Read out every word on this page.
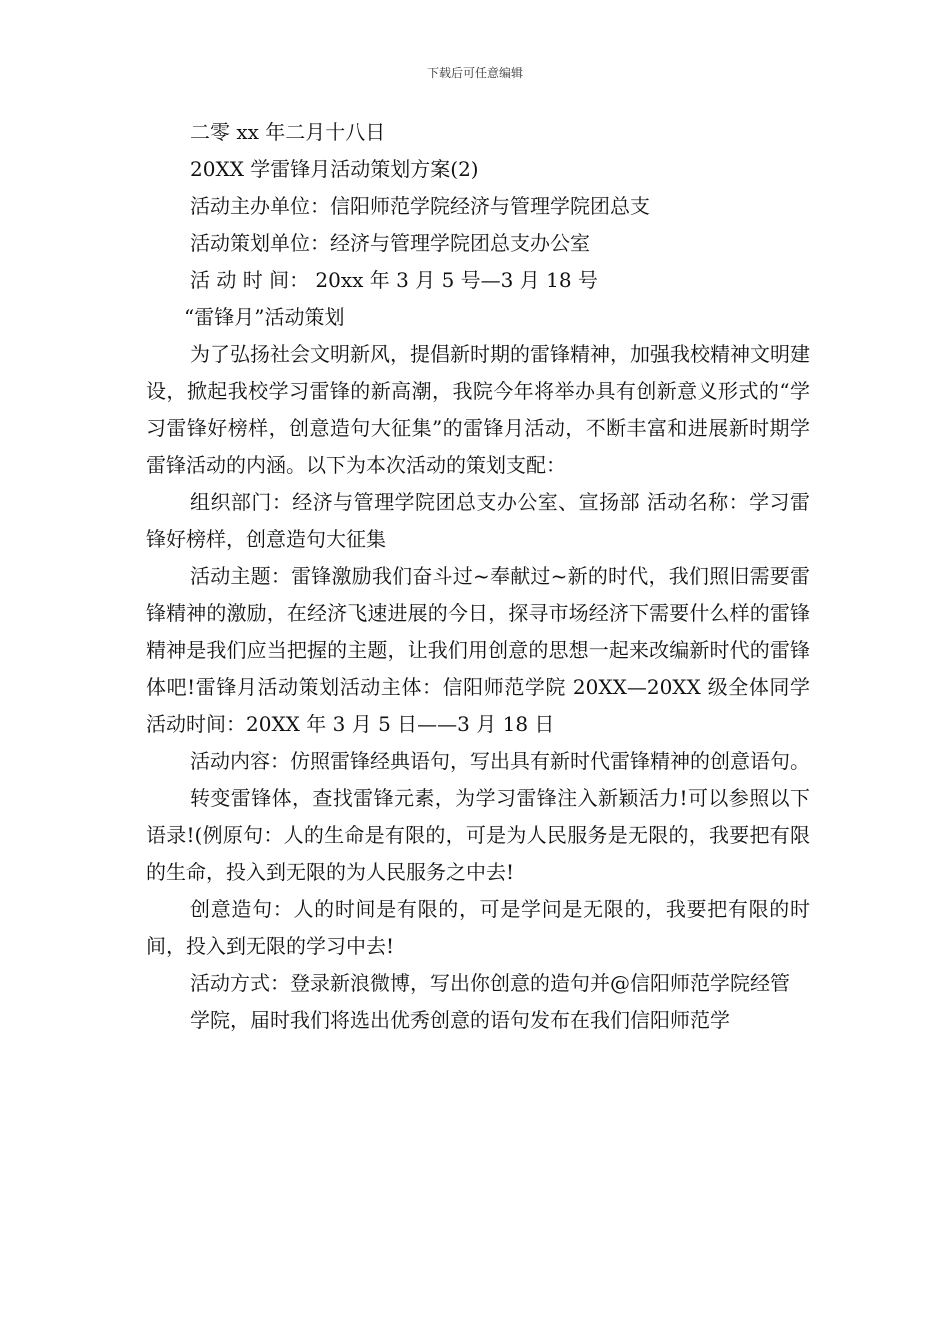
下载后可任意编辑

二零 xx 年二月十八日

20XX 学雷锋月活动策划方案(2)

活动主办单位：信阳师范学院经济与管理学院团总支

活动策划单位：经济与管理学院团总支办公室

活 动 时 间： 20xx 年 3 月 5 号—3 月 18 号

“雷锋月”活动策划

为了弘扬社会文明新风，提倡新时期的雷锋精神，加强我校精神文明建设，掀起我校学习雷锋的新高潮，我院今年将举办具有创新意义形式的“学习雷锋好榜样，创意造句大征集”的雷锋月活动，不断丰富和进展新时期学雷锋活动的内涵。以下为本次活动的策划支配：

组织部门：经济与管理学院团总支办公室、宣扬部 活动名称：学习雷锋好榜样，创意造句大征集

活动主题：雷锋激励我们奋斗过~奉献过~新的时代，我们照旧需要雷锋精神的激励，在经济飞速进展的今日，探寻市场经济下需要什么样的雷锋精神是我们应当把握的主题，让我们用创意的思想一起来改编新时代的雷锋体吧!雷锋月活动策划活动主体：信阳师范学院 20XX—20XX 级全体同学 活动时间：20XX 年 3 月 5 日——3 月 18 日

活动内容：仿照雷锋经典语句，写出具有新时代雷锋精神的创意语句。

转变雷锋体，查找雷锋元素，为学习雷锋注入新颖活力!可以参照以下语录!(例原句：人的生命是有限的，可是为人民服务是无限的，我要把有限的生命，投入到无限的为人民服务之中去!

创意造句：人的时间是有限的，可是学问是无限的，我要把有限的时间，投入到无限的学习中去!

活动方式：登录新浪微博，写出你创意的造句并@信阳师范学院经管

学院，届时我们将选出优秀创意的语句发布在我们信阳师范学
